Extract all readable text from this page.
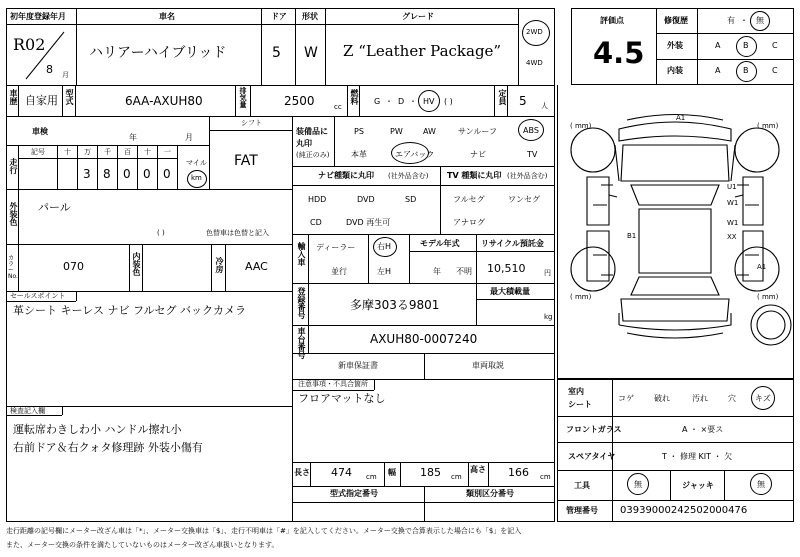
初年度登録年月
R02
8 月
車名
ハリアーハイブリッド
ドア
5
形状
W
グレード
Z “Leather Package”
2WD
4WD
車歴 自家用 型式	6AA-AXUH80	排気量	2500	cc
燃料 G ・ D ・ HV ( )	定員 5 人
車検
年	月
シフト
FAT
走行
記号	十 万 千 百 十 一
3 8 0 0 0
マイル
km
外装色 パール
( )	色替車は色替と記入
カラーNo.
070	内装色	冷房 AAC
セールスポイント
革シート キーレス ナビ フルセグ バックカメラ
検査記入欄
運転席わきしわ小 ハンドル擦れ小
右前ドア＆右クォタ修理跡 外装小傷有
装備品に
丸印
(純正のみ)
PS	PW	AW	サンルーフ	ABS
本革	エアバック	ナビ	TV
ナビ種類に丸印 (社外品含む) TV 種類に丸印 (社外品含む)
HDD	DVD	SD
CD	DVD 再生可
フルセグ	ワンセグ
アナログ
輸入車 ディーラー
並行
右H
左H
モデル年式
年 不明
リサイクル預託金
10,510	円
登録番号	多摩303る9801
最大積載量
kg
車台番号	AXUH80-0007240
新車保証書	車両取説
注意事項・不具合箇所
フロアマットなし
長さ 474 cm 幅 185 cm
高さ 166 cm
型式指定番号	類別区分番号
評価点
4.5
修復歴	有 ・ 無
外装	A	B	C
内装	A	B	C
( mm)	( mm)
( mm)	( mm)
A1
U1
W1
W1
B1	XX
A1
室内
シート
コゲ	破れ	汚れ	穴 キズ
フロントガラス	A ・ ×要ス
スペアタイヤ	T ・ 修理 KIT ・ 欠
工具	無	ジャッキ	無
管理番号 03939000242502000476
走行距離の記号欄にメーター改ざん車は「*」、メーター交換車は「$」、走行不明車は「#」を記入してください。メーター交換で合算表示した場合にも「$」を記入
また、メーター交換の条件を満たしていないものはメーター改ざん車扱いとなります。
